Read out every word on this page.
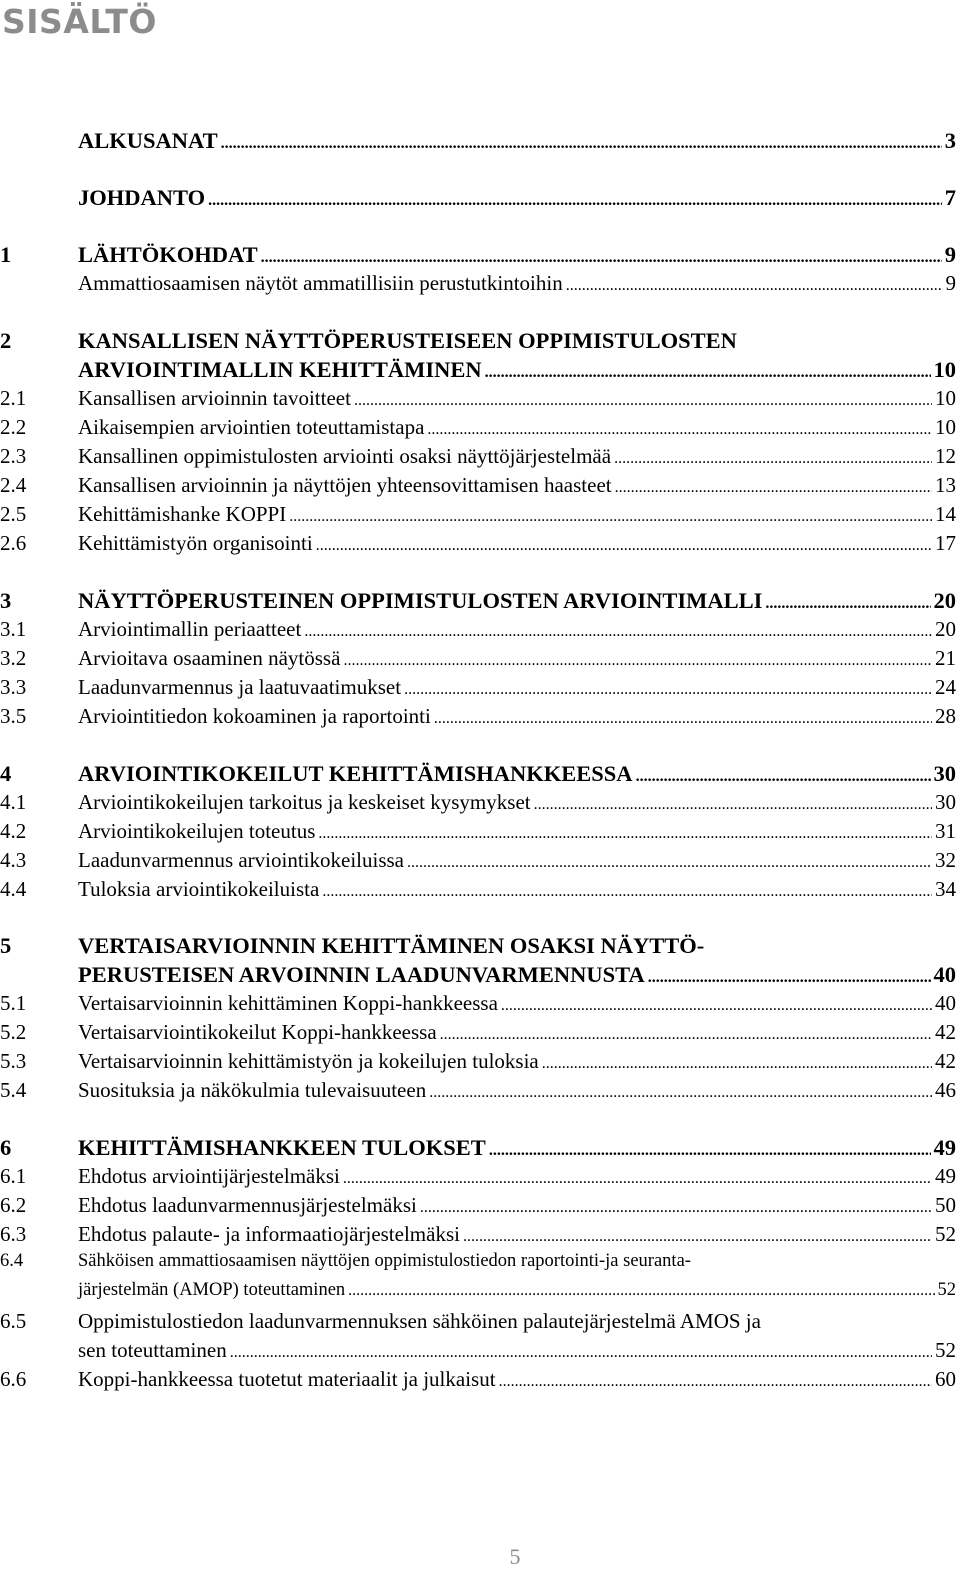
SISÄLTÖ
ALKUSANAT .....	3
JOHDANTO .....	7
1	LÄHTÖKOHDAT .....	9
Ammattiosaamisen näytöt ammatillisiin perustutkintoihin .....	9
2	KANSALLISEN NÄYTTÖPERUSTEISEEN OPPIMISTULOSTEN
ARVIOINTIMALLIN KEHITTÄMINEN .....	10
2.1	Kansallisen arvioinnin tavoitteet .....	10
2.2	Aikaisempien arviointien toteuttamistapa .....	10
2.3	Kansallinen oppimistulosten arviointi osaksi näyttöjärjestelmää .....	12
2.4	Kansallisen arvioinnin ja näyttöjen yhteensovittamisen haasteet .....	13
2.5	Kehittämishanke KOPPI .....	14
2.6	Kehittämistyön organisointi .....	17
3	NÄYTTÖPERUSTEINEN OPPIMISTULOSTEN ARVIOINTIMALLI .....	20
3.1	Arviointimallin periaatteet .....	20
3.2	Arvioitava osaaminen näytössä .....	21
3.3	Laadunvarmennus ja laatuvaatimukset .....	24
3.5	Arviointitiedon kokoaminen ja raportointi .....	28
4	ARVIOINTIKOKEILUT KEHITTÄMISHANKKEESSA .....	30
4.1	Arviointikokeilujen tarkoitus ja keskeiset kysymykset .....	30
4.2	Arviointikokeilujen toteutus .....	31
4.3	Laadunvarmennus arviointikokeiluissa .....	32
4.4	Tuloksia arviointikokeiluista .....	34
5	VERTAISARVIOINNIN KEHITTÄMINEN OSAKSI NÄYTTÖ-
PERUSTEISEN ARVOINNIN LAADUNVARMENNUSTA .....	40
5.1	Vertaisarvioinnin kehittäminen Koppi-hankkeessa .....	40
5.2	Vertaisarviointikokeilut Koppi-hankkeessa .....	42
5.3	Vertaisarvioinnin kehittämistyön ja kokeilujen tuloksia .....	42
5.4	Suosituksia ja näkökulmia tulevaisuuteen .....	46
6	KEHITTÄMISHANKKEEN TULOKSET .....	49
6.1	Ehdotus arviointijärjestelmäksi .....	49
6.2	Ehdotus laadunvarmennusjärjestelmäksi .....	50
6.3	Ehdotus palaute- ja informaatiojärjestelmäksi .....	52
6.4	Sähköisen ammattiosaamisen näyttöjen oppimistulostiedon raportointi-ja seuranta-
järjestelmän (AMOP) toteuttaminen .....	52
6.5	Oppimistulostiedon laadunvarmennuksen sähköinen palautejärjestelmä AMOS ja
sen toteuttaminen .....	52
6.6	Koppi-hankkeessa tuotetut materiaalit ja julkaisut .....	60
5
